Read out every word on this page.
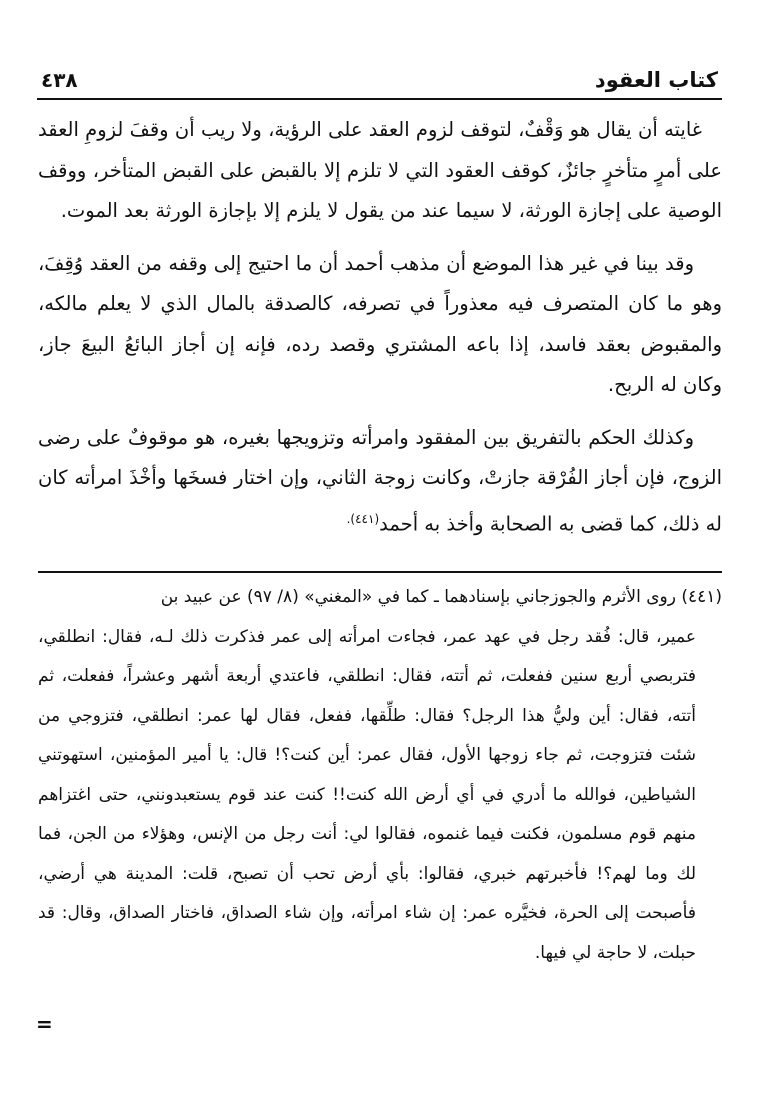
كتاب العقود
٤٣٨

غايته أن يقال هو وَقْفٌ، لتوقف لزوم العقد على الرؤية، ولا ريب أن وقفَ لزومِ العقد على أمرٍ متأخرٍ جائزٌ، كوقف العقود التي لا تلزم إلا بالقبض على القبض المتأخر، ووقف الوصية على إجازة الورثة، لا سيما عند من يقول لا يلزم إلا بإجازة الورثة بعد الموت.

وقد بينا في غير هذا الموضع أن مذهب أحمد أن ما احتيج إلى وقفه من العقد وُقِفَ، وهو ما كان المتصرف فيه معذوراً في تصرفه، كالصدقة بالمال الذي لا يعلم مالكه، والمقبوض بعقد فاسد، إذا باعه المشتري وقصد رده، فإنه إن أجاز البائعُ البيعَ جاز، وكان له الربح.

وكذلك الحكم بالتفريق بين المفقود وامرأته وتزويجها بغيره، هو موقوفٌ على رضى الزوج، فإن أجاز الفُرْقة جازتْ، وكانت زوجة الثاني، وإن اختار فسخَها وأخْذَ امرأته كان له ذلك، كما قضى به الصحابة وأخذ به أحمد$^{(٤٤١).}$

(٤٤١) روى الأثرم والجوزجاني بإسنادهما ـ كما في «المغني» (٨/ ٩٧) عن عبيد بن

عمير، قال: فُقد رجل في عهد عمر، فجاءت امرأته إلى عمر فذكرت ذلك لـه، فقال: انطلقي، فتربصي أربع سنين ففعلت، ثم أتته، فقال: انطلقي، فاعتدي أربعة أشهر وعشراً، ففعلت، ثم أتته، فقال: أين وليُّ هذا الرجل؟ فقال: طلِّقها، ففعل، فقال لها عمر: انطلقي، فتزوجي من شئت فتزوجت، ثم جاء زوجها الأول، فقال عمر: أين كنت؟! قال: يا أمير المؤمنين، استهوتني الشياطين، فوالله ما أدري في أي أرض الله كنت!! كنت عند قوم يستعبدونني، حتى اغتزاهم منهم قوم مسلمون، فكنت فيما غنموه، فقالوا لي: أنت رجل من الإنس، وهؤلاء من الجن، فما لك وما لهم؟! فأخبرتهم خبري، فقالوا: بأي أرض تحب أن تصبح، قلت: المدينة هي أرضي، فأصبحت إلى الحرة، فخيَّره عمر: إن شاء امرأته، وإن شاء الصداق، فاختار الصداق، وقال: قد حبلت، لا حاجة لي فيها.

=
